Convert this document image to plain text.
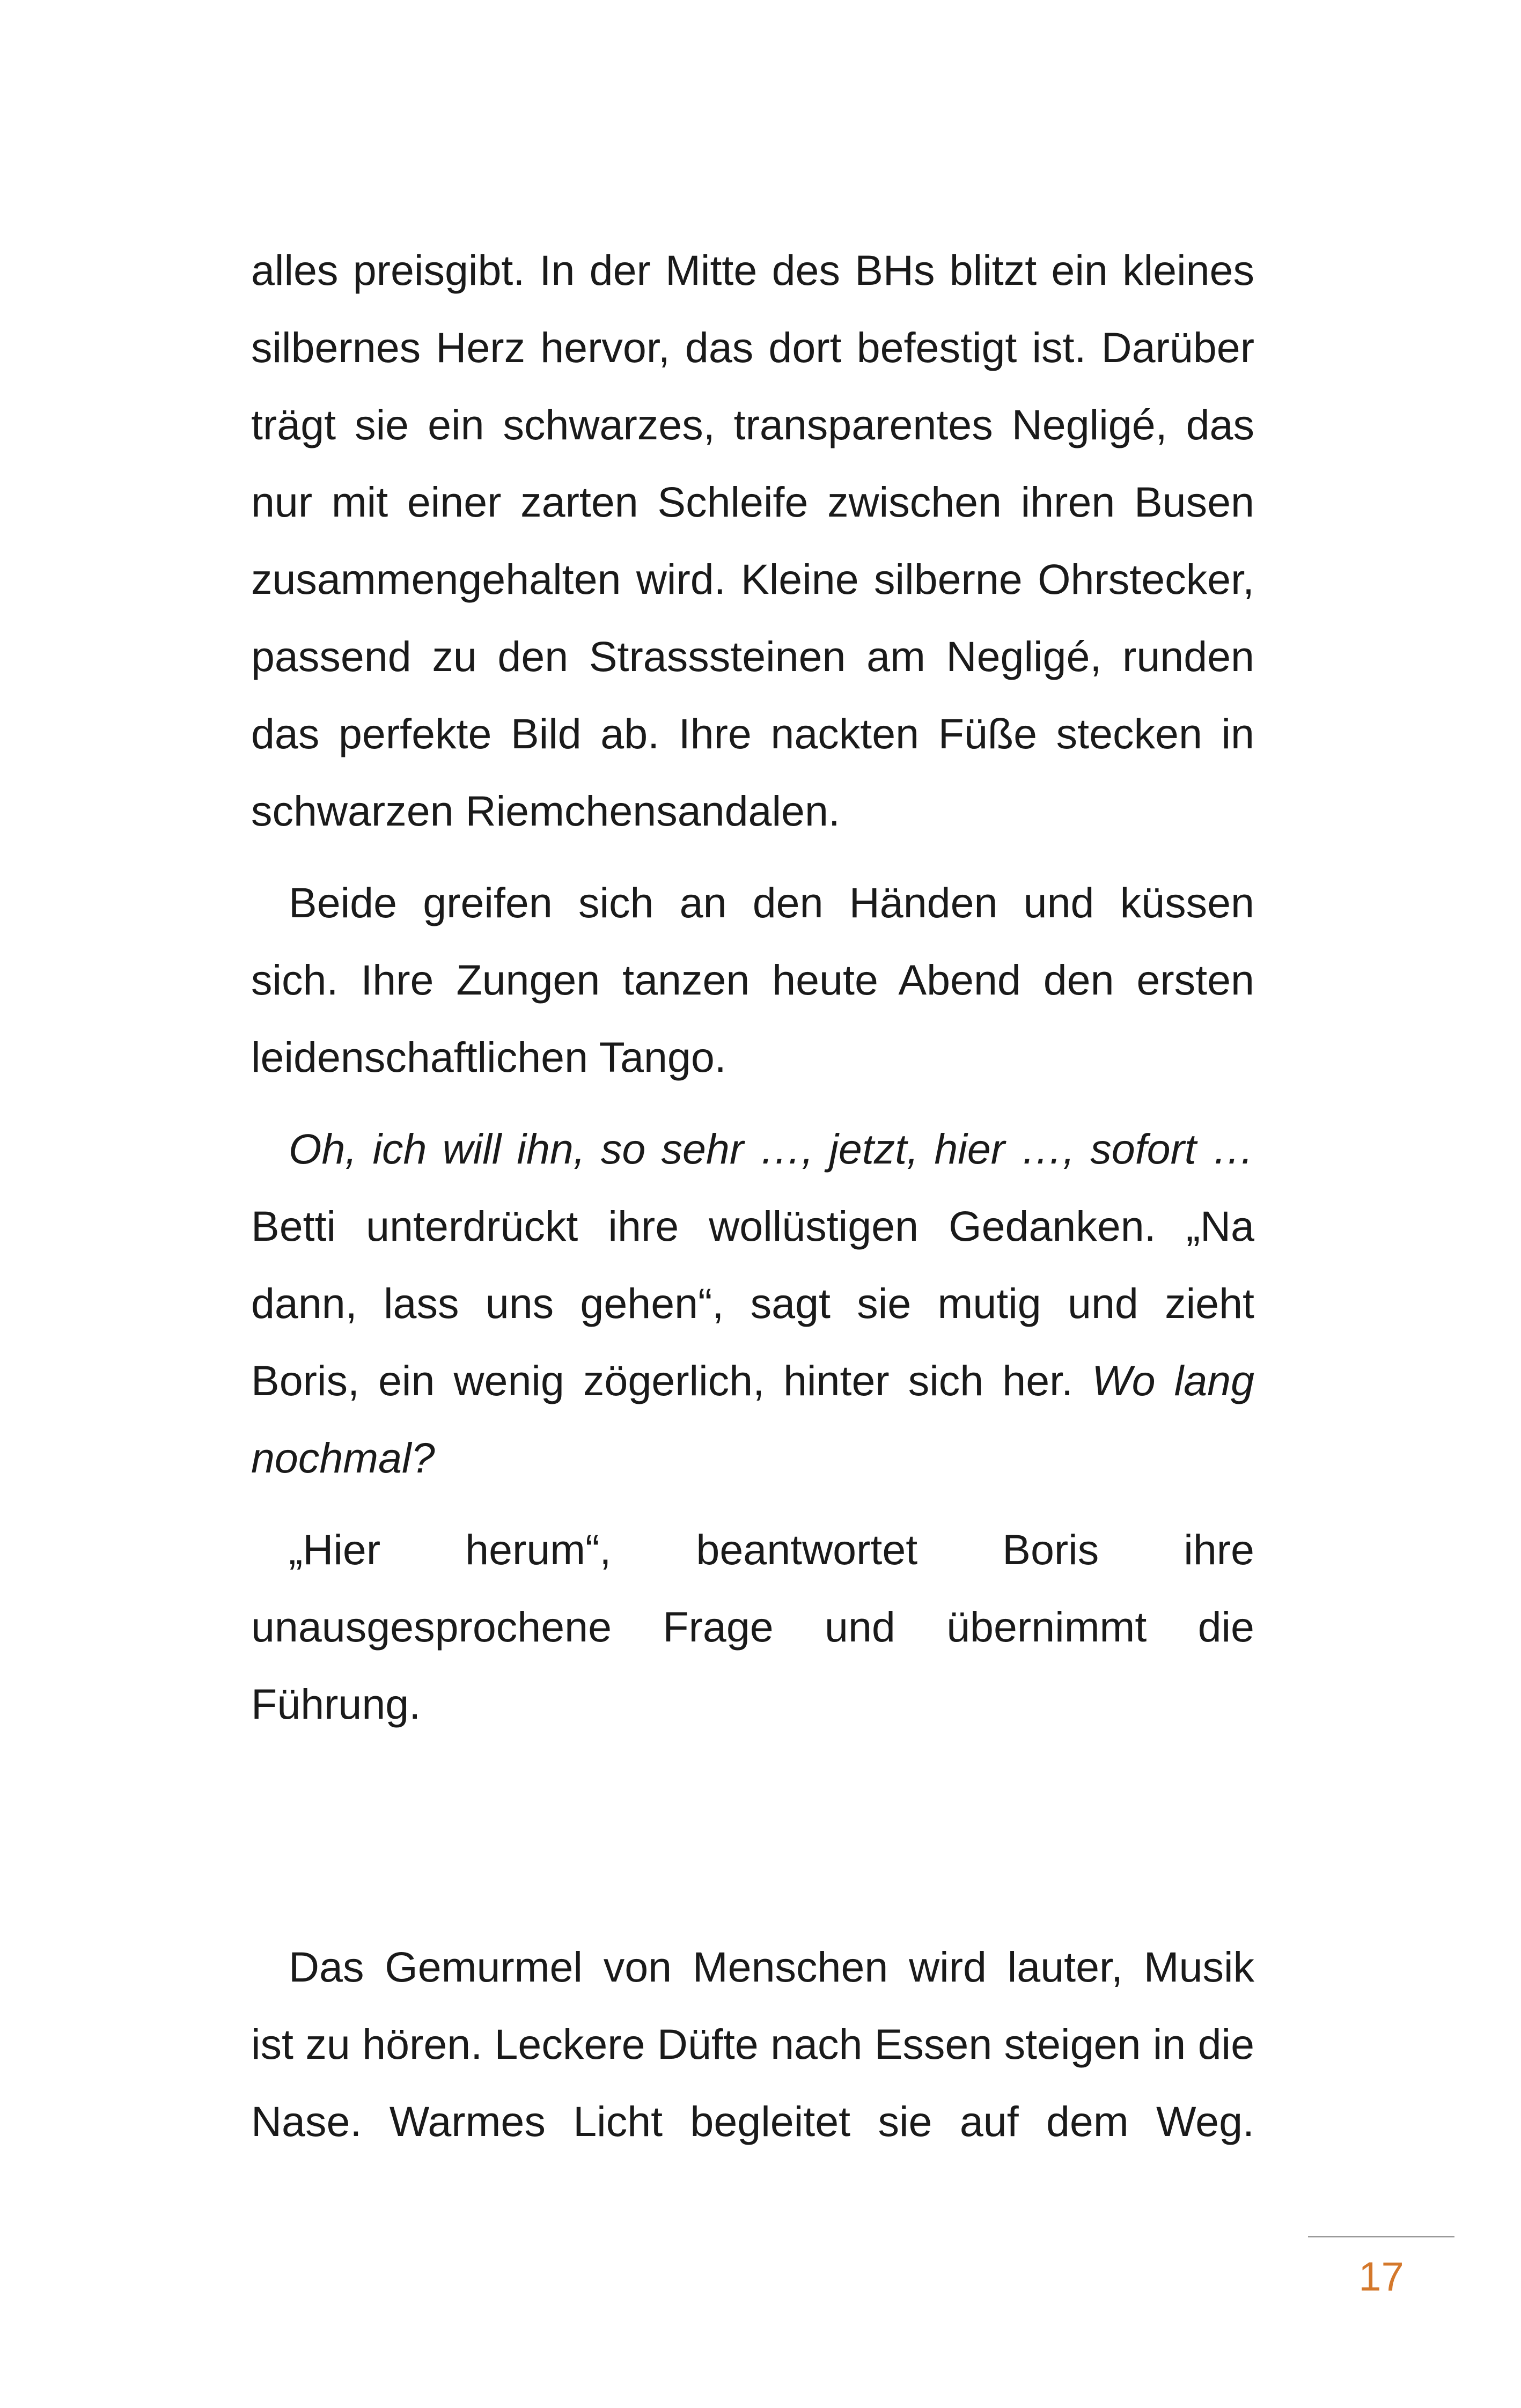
alles preisgibt. In der Mitte des BHs blitzt ein kleines silbernes Herz hervor, das dort befestigt ist. Darüber trägt sie ein schwarzes, transparentes Negligé, das nur mit einer zarten Schleife zwischen ihren Busen zusammengehalten wird. Kleine silberne Ohrstecker, passend zu den Strasssteinen am Negligé, runden das perfekte Bild ab. Ihre nackten Füße stecken in schwarzen Riemchensandalen.

Beide greifen sich an den Händen und küssen sich. Ihre Zungen tanzen heute Abend den ersten leidenschaftlichen Tango.

Oh, ich will ihn, so sehr …, jetzt, hier …, sofort … Betti unterdrückt ihre wollüstigen Gedanken. „Na dann, lass uns gehen“, sagt sie mutig und zieht Boris, ein wenig zögerlich, hinter sich her. Wo lang nochmal?

„Hier herum“, beantwortet Boris ihre unausgesprochene Frage und übernimmt die Führung.

Das Gemurmel von Menschen wird lauter, Musik ist zu hören. Leckere Düfte nach Essen steigen in die Nase. Warmes Licht begleitet sie auf dem Weg.

17
